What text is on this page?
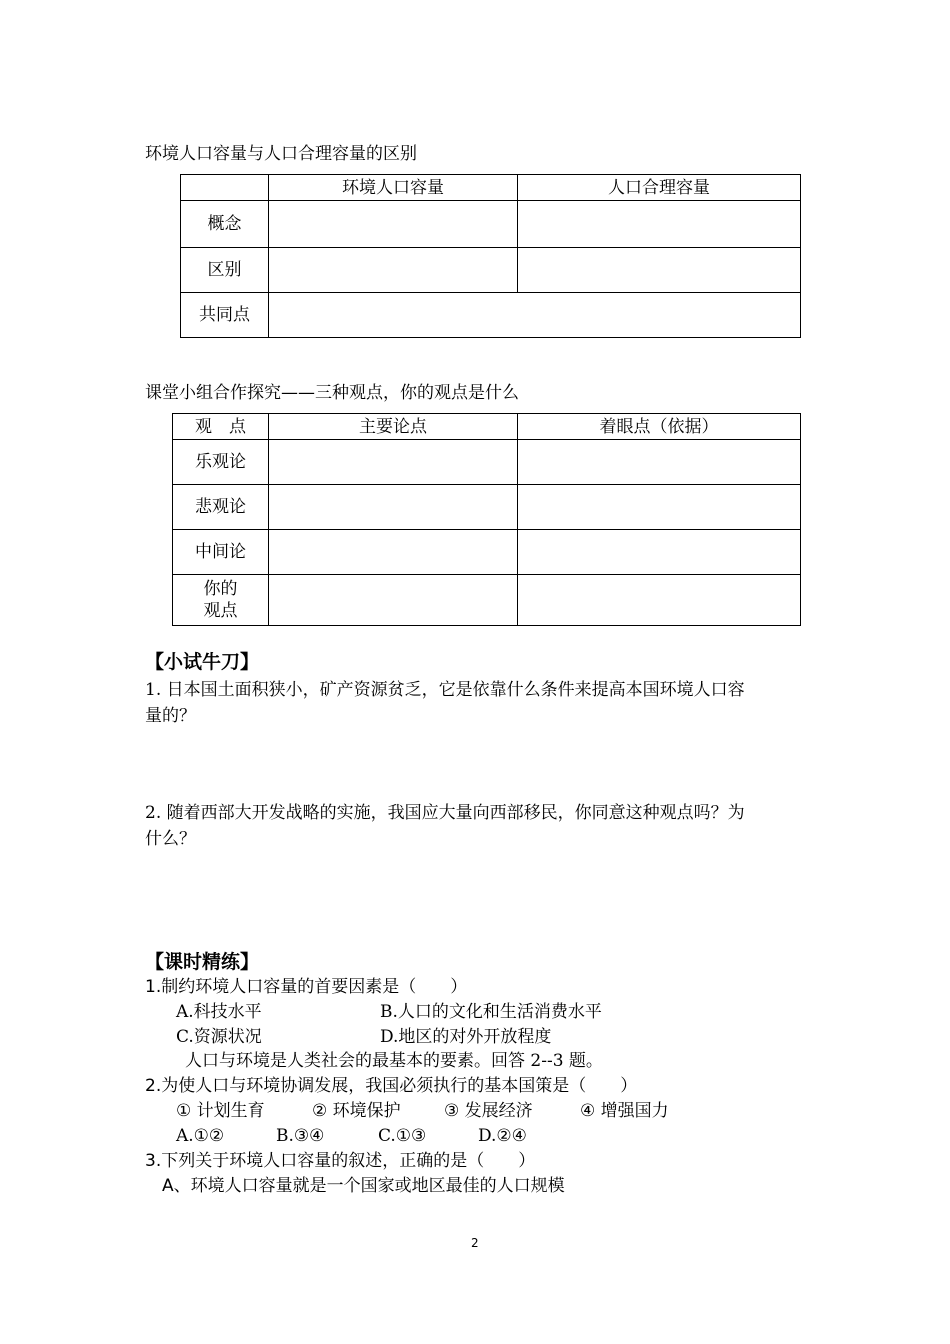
环境人口容量与人口合理容量的区别
	环境人口容量	人口合理容量
概念		
区别		
共同点		
课堂小组合作探究——三种观点，你的观点是什么
观　点	主要论点	着眼点（依据）
乐观论		
悲观论		
中间论		

你的
观点		

【小试牛刀】
1. 日本国土面积狭小，矿产资源贫乏，它是依靠什么条件来提高本国环境人口容
量的？
2. 随着西部大开发战略的实施，我国应大量向西部移民，你同意这种观点吗？为
什么？
【课时精练】
1.制约环境人口容量的首要因素是（　　）
A.科技水平	B.人口的文化和生活消费水平
C.资源状况	D.地区的对外开放程度
人口与环境是人类社会的最基本的要素。回答 2--3 题。
2.为使人口与环境协调发展，我国必须执行的基本国策是（　　）
① 计划生育	② 环境保护	③ 发展经济	④ 增强国力
A.①②	B.③④	C.①③	D.②④
3.下列关于环境人口容量的叙述，正确的是（　　）
A、环境人口容量就是一个国家或地区最佳的人口规模
2
